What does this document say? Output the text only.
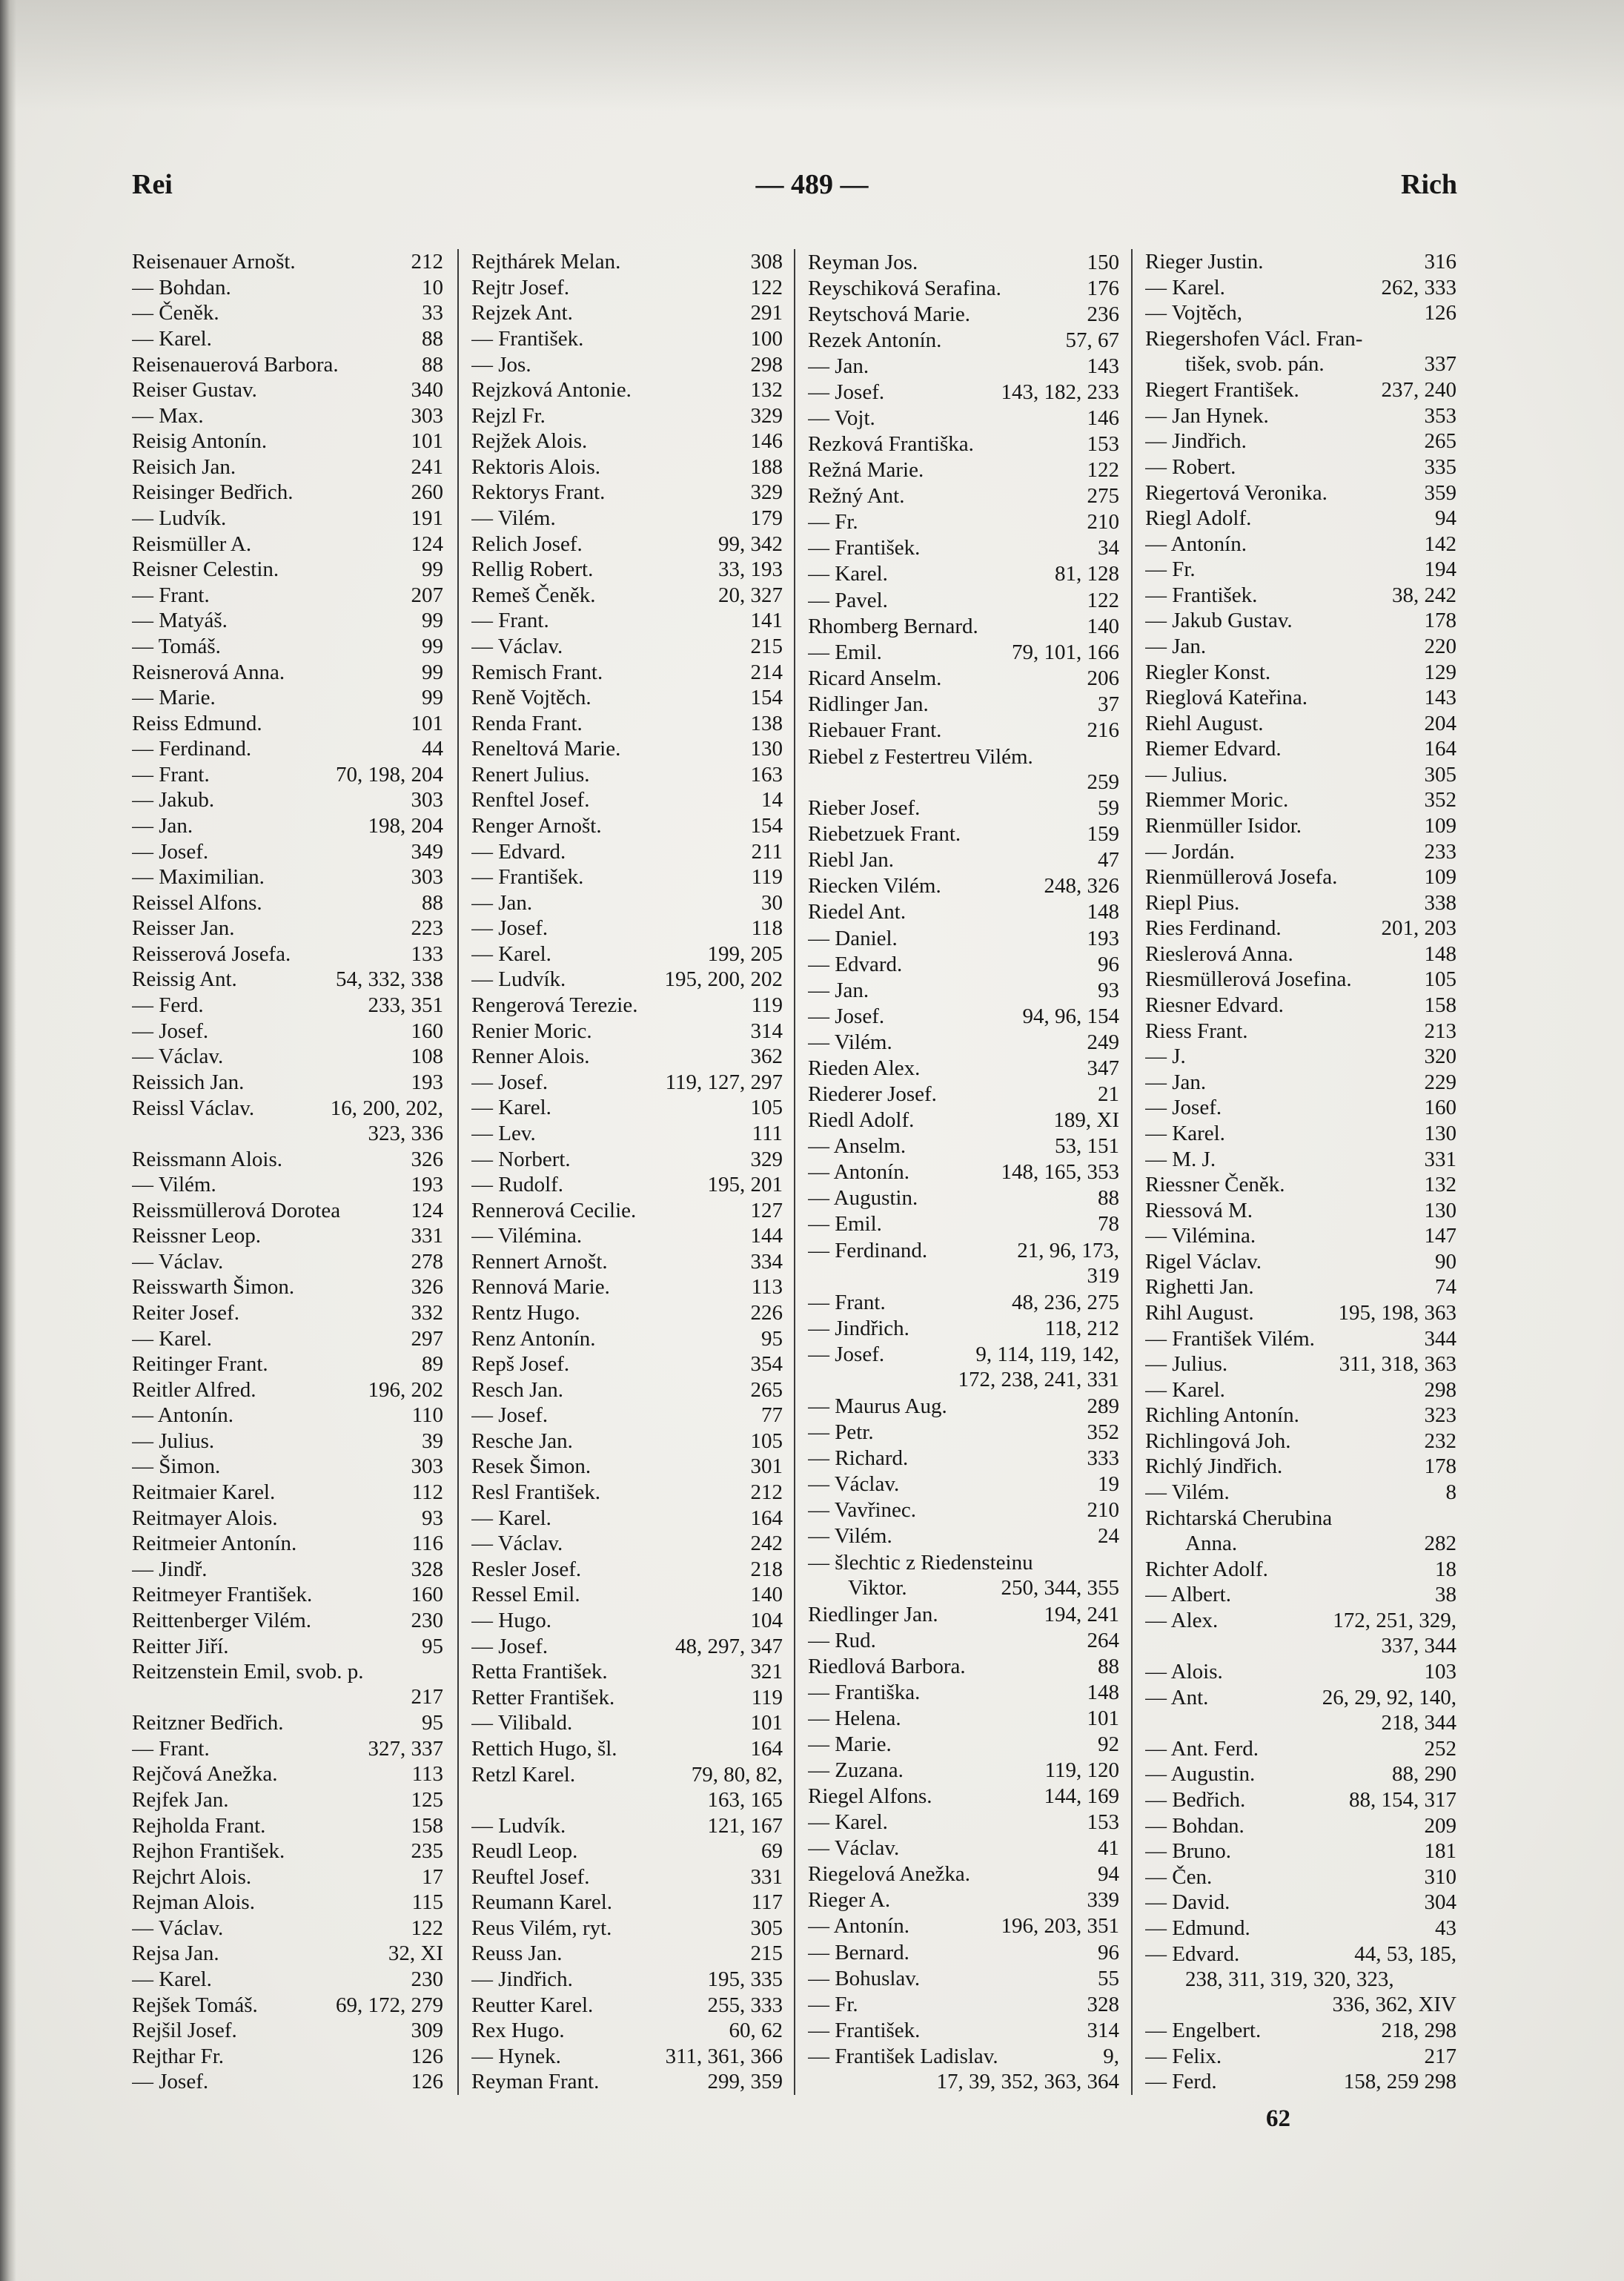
— 489 —
Rei	Rich
Reisenauer Arnošt.	212
— Bohdan.	10
— Čeněk.	33
— Karel.	88
Reisenauerová Barbora.	88
Reiser Gustav.	340
— Max.	303
Reisig Antonín.	101
Reisich Jan.	241
Reisinger Bedřich.	260
— Ludvík.	191
Reismüller A.	124
Reisner Celestin.	99
— Frant.	207
— Matyáš.	99
— Tomáš.	99
Reisnerová Anna.	99
— Marie.	99
Reiss Edmund.	101
— Ferdinand.	44
— Frant.	70, 198, 204
— Jakub.	303
— Jan.	198, 204
— Josef.	349
— Maximilian.	303
Reissel Alfons.	88
Reisser Jan.	223
Reisserová Josefa.	133
Reissig Ant.	54, 332, 338
— Ferd.	233, 351
— Josef.	160
— Václav.	108
Reissich Jan.	193
Reissl Václav.	16, 200, 202,
323, 336
Reissmann Alois.	326
— Vilém.	193
Reissmüllerová Dorotea	124
Reissner Leop.	331
— Václav.	278
Reisswarth Šimon.	326
Reiter Josef.	332
— Karel.	297
Reitinger Frant.	89
Reitler Alfred.	196, 202
— Antonín.	110
— Julius.	39
— Šimon.	303
Reitmaier Karel.	112
Reitmayer Alois.	93
Reitmeier Antonín.	116
— Jindř.	328
Reitmeyer František.	160
Reittenberger Vilém.	230
Reitter Jiří.	95
Reitzenstein Emil, svob. p.
217
Reitzner Bedřich.	95
— Frant.	327, 337
Rejčová Anežka.	113
Rejfek Jan.	125
Rejholda Frant.	158
Rejhon František.	235
Rejchrt Alois.	17
Rejman Alois.	115
— Václav.	122
Rejsa Jan.	32, XI
— Karel.	230
Rejšek Tomáš.	69, 172, 279
Rejšil Josef.	309
Rejthar Fr.	126
— Josef.	126
Rejthárek Melan.	308
Rejtr Josef.	122
Rejzek Ant.	291
— František.	100
— Jos.	298
Rejzková Antonie.	132
Rejzl Fr.	329
Rejžek Alois.	146
Rektoris Alois.	188
Rektorys Frant.	329
— Vilém.	179
Relich Josef.	99, 342
Rellig Robert.	33, 193
Remeš Čeněk.	20, 327
— Frant.	141
— Václav.	215
Remisch Frant.	214
Reně Vojtěch.	154
Renda Frant.	138
Reneltová Marie.	130
Renert Julius.	163
Renftel Josef.	14
Renger Arnošt.	154
— Edvard.	211
— František.	119
— Jan.	30
— Josef.	118
— Karel.	199, 205
— Ludvík.	195, 200, 202
Rengerová Terezie.	119
Renier Moric.	314
Renner Alois.	362
— Josef.	119, 127, 297
— Karel.	105
— Lev.	111
— Norbert.	329
— Rudolf.	195, 201
Rennerová Cecilie.	127
— Vilémina.	144
Rennert Arnošt.	334
Rennová Marie.	113
Rentz Hugo.	226
Renz Antonín.	95
Repš Josef.	354
Resch Jan.	265
— Josef.	77
Resche Jan.	105
Resek Šimon.	301
Resl František.	212
— Karel.	164
— Václav.	242
Resler Josef.	218
Ressel Emil.	140
— Hugo.	104
— Josef.	48, 297, 347
Retta František.	321
Retter František.	119
— Vilibald.	101
Rettich Hugo, šl.	164
Retzl Karel.	79, 80, 82,
163, 165
— Ludvík.	121, 167
Reudl Leop.	69
Reuftel Josef.	331
Reumann Karel.	117
Reus Vilém, ryt.	305
Reuss Jan.	215
— Jindřich.	195, 335
Reutter Karel.	255, 333
Rex Hugo.	60, 62
— Hynek.	311, 361, 366
Reyman Frant.	299, 359
Reyman Jos.	150
Reyschiková Serafina.	176
Reytschová Marie.	236
Rezek Antonín.	57, 67
— Jan.	143
— Josef.	143, 182, 233
— Vojt.	146
Rezková Františka.	153
Režná Marie.	122
Režný Ant.	275
— Fr.	210
— František.	34
— Karel.	81, 128
— Pavel.	122
Rhomberg Bernard.	140
— Emil.	79, 101, 166
Ricard Anselm.	206
Ridlinger Jan.	37
Riebauer Frant.	216
Riebel z Festertreu Vilém.
259
Rieber Josef.	59
Riebetzuek Frant.	159
Riebl Jan.	47
Riecken Vilém.	248, 326
Riedel Ant.	148
— Daniel.	193
— Edvard.	96
— Jan.	93
— Josef.	94, 96, 154
— Vilém.	249
Rieden Alex.	347
Riederer Josef.	21
Riedl Adolf.	189, XI
— Anselm.	53, 151
— Antonín.	148, 165, 353
— Augustin.	88
— Emil.	78
— Ferdinand.	21, 96, 173,
319
— Frant.	48, 236, 275
— Jindřich.	118, 212
— Josef.	9, 114, 119, 142,
172, 238, 241, 331
— Maurus Aug.	289
— Petr.	352
— Richard.	333
— Václav.	19
— Vavřinec.	210
— Vilém.	24
— šlechtic z Riedensteinu
Viktor.	250, 344, 355
Riedlinger Jan.	194, 241
— Rud.	264
Riedlová Barbora.	88
— Františka.	148
— Helena.	101
— Marie.	92
— Zuzana.	119, 120
Riegel Alfons.	144, 169
— Karel.	153
— Václav.	41
Riegelová Anežka.	94
Rieger A.	339
— Antonín.	196, 203, 351
— Bernard.	96
— Bohuslav.	55
— Fr.	328
— František.	314
— František Ladislav.	9,
17, 39, 352, 363, 364
Rieger Justin.	316
— Karel.	262, 333
— Vojtěch,	126
Riegershofen Václ. Fran-
tišek, svob. pán.	337
Riegert František.	237, 240
— Jan Hynek.	353
— Jindřich.	265
— Robert.	335
Riegertová Veronika.	359
Riegl Adolf.	94
— Antonín.	142
— Fr.	194
— František.	38, 242
— Jakub Gustav.	178
— Jan.	220
Riegler Konst.	129
Rieglová Kateřina.	143
Riehl August.	204
Riemer Edvard.	164
— Julius.	305
Riemmer Moric.	352
Rienmüller Isidor.	109
— Jordán.	233
Rienmüllerová Josefa.	109
Riepl Pius.	338
Ries Ferdinand.	201, 203
Rieslerová Anna.	148
Riesmüllerová Josefina.	105
Riesner Edvard.	158
Riess Frant.	213
— J.	320
— Jan.	229
— Josef.	160
— Karel.	130
— M. J.	331
Riessner Čeněk.	132
Riessová M.	130
— Vilémina.	147
Rigel Václav.	90
Righetti Jan.	74
Rihl August.	195, 198, 363
— František Vilém.	344
— Julius.	311, 318, 363
— Karel.	298
Richling Antonín.	323
Richlingová Joh.	232
Richlý Jindřich.	178
— Vilém.	8
Richtarská Cherubina
Anna.	282
Richter Adolf.	18
— Albert.	38
— Alex.	172, 251, 329,
337, 344
— Alois.	103
— Ant.	26, 29, 92, 140,
218, 344
— Ant. Ferd.	252
— Augustin.	88, 290
— Bedřich.	88, 154, 317
— Bohdan.	209
— Bruno.	181
— Čen.	310
— David.	304
— Edmund.	43
— Edvard.	44, 53, 185,
238, 311, 319, 320, 323,
336, 362, XIV
— Engelbert.	218, 298
— Felix.	217
— Ferd.	158, 259 298
62
